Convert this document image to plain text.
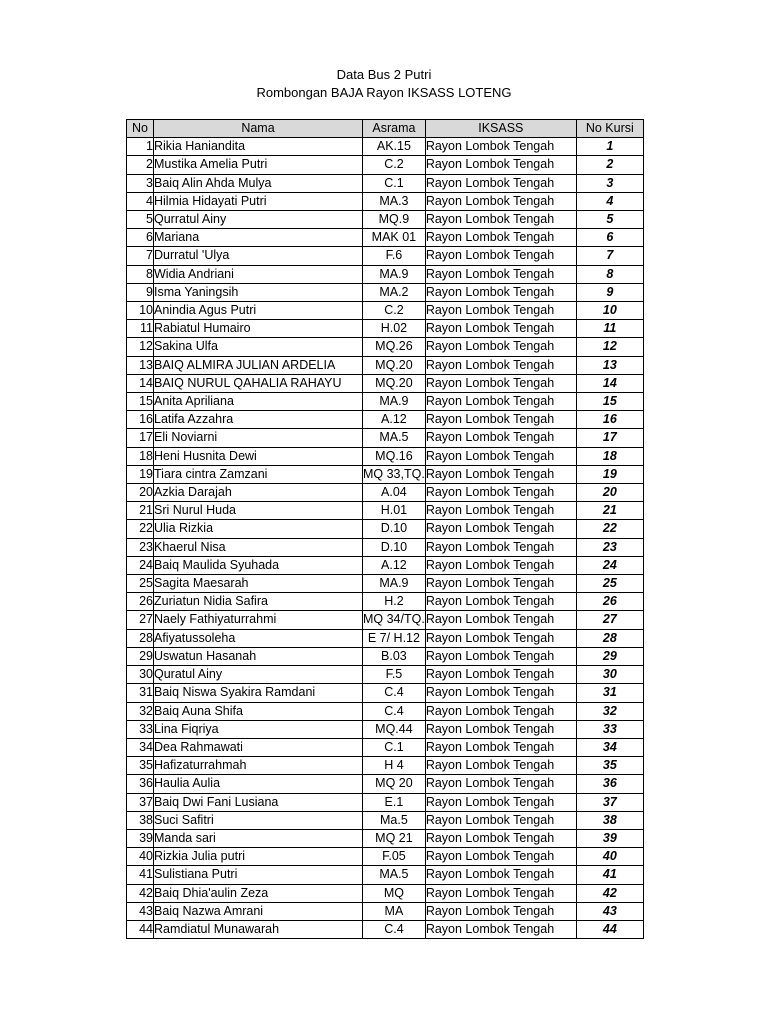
Data Bus 2 Putri
Rombongan BAJA Rayon IKSASS LOTENG
No	Nama	Asrama	IKSASS	No Kursi
1	Rikia Haniandita	AK.15	Rayon Lombok Tengah	1
2	Mustika Amelia Putri	C.2	Rayon Lombok Tengah	2
3	Baiq Alin Ahda Mulya	C.1	Rayon Lombok Tengah	3
4	Hilmia Hidayati Putri	MA.3	Rayon Lombok Tengah	4
5	Qurratul Ainy	MQ.9	Rayon Lombok Tengah	5
6	Mariana	MAK 01	Rayon Lombok Tengah	6
7	Durratul 'Ulya	F.6	Rayon Lombok Tengah	7
8	Widia Andriani	MA.9	Rayon Lombok Tengah	8
9	Isma Yaningsih	MA.2	Rayon Lombok Tengah	9
10	Anindia Agus Putri	C.2	Rayon Lombok Tengah	10
11	Rabiatul Humairo	H.02	Rayon Lombok Tengah	11
12	Sakina Ulfa	MQ.26	Rayon Lombok Tengah	12
13	BAIQ ALMIRA JULIAN ARDELIA	MQ.20	Rayon Lombok Tengah	13
14	BAIQ NURUL QAHALIA RAHAYU	MQ.20	Rayon Lombok Tengah	14
15	Anita Apriliana	MA.9	Rayon Lombok Tengah	15
16	Latifa Azzahra	A.12	Rayon Lombok Tengah	16
17	Eli Noviarni	MA.5	Rayon Lombok Tengah	17
18	Heni Husnita Dewi	MQ.16	Rayon Lombok Tengah	18
19	Tiara cintra Zamzani	MQ 33,TQ.	Rayon Lombok Tengah	19
20	Azkia Darajah	A.04	Rayon Lombok Tengah	20
21	Sri Nurul Huda	H.01	Rayon Lombok Tengah	21
22	Ulia Rizkia	D.10	Rayon Lombok Tengah	22
23	Khaerul Nisa	D.10	Rayon Lombok Tengah	23
24	Baiq Maulida Syuhada	A.12	Rayon Lombok Tengah	24
25	Sagita Maesarah	MA.9	Rayon Lombok Tengah	25
26	Zuriatun Nidia Safira	H.2	Rayon Lombok Tengah	26
27	Naely Fathiyaturrahmi	MQ 34/TQ.	Rayon Lombok Tengah	27
28	Afiyatussoleha	E 7/ H.12	Rayon Lombok Tengah	28
29	Uswatun Hasanah	B.03	Rayon Lombok Tengah	29
30	Quratul Ainy	F.5	Rayon Lombok Tengah	30
31	Baiq Niswa Syakira Ramdani	C.4	Rayon Lombok Tengah	31
32	Baiq Auna Shifa	C.4	Rayon Lombok Tengah	32
33	Lina Fiqriya	MQ.44	Rayon Lombok Tengah	33
34	Dea Rahmawati	C.1	Rayon Lombok Tengah	34
35	Hafizaturrahmah	H 4	Rayon Lombok Tengah	35
36	Haulia Aulia	MQ 20	Rayon Lombok Tengah	36
37	Baiq Dwi Fani Lusiana	E.1	Rayon Lombok Tengah	37
38	Suci Safitri	Ma.5	Rayon Lombok Tengah	38
39	Manda sari	MQ 21	Rayon Lombok Tengah	39
40	Rizkia Julia putri	F.05	Rayon Lombok Tengah	40
41	Sulistiana Putri	MA.5	Rayon Lombok Tengah	41
42	Baiq Dhia'aulin Zeza	MQ	Rayon Lombok Tengah	42
43	Baiq Nazwa Amrani	MA	Rayon Lombok Tengah	43
44	Ramdiatul Munawarah	C.4	Rayon Lombok Tengah	44
